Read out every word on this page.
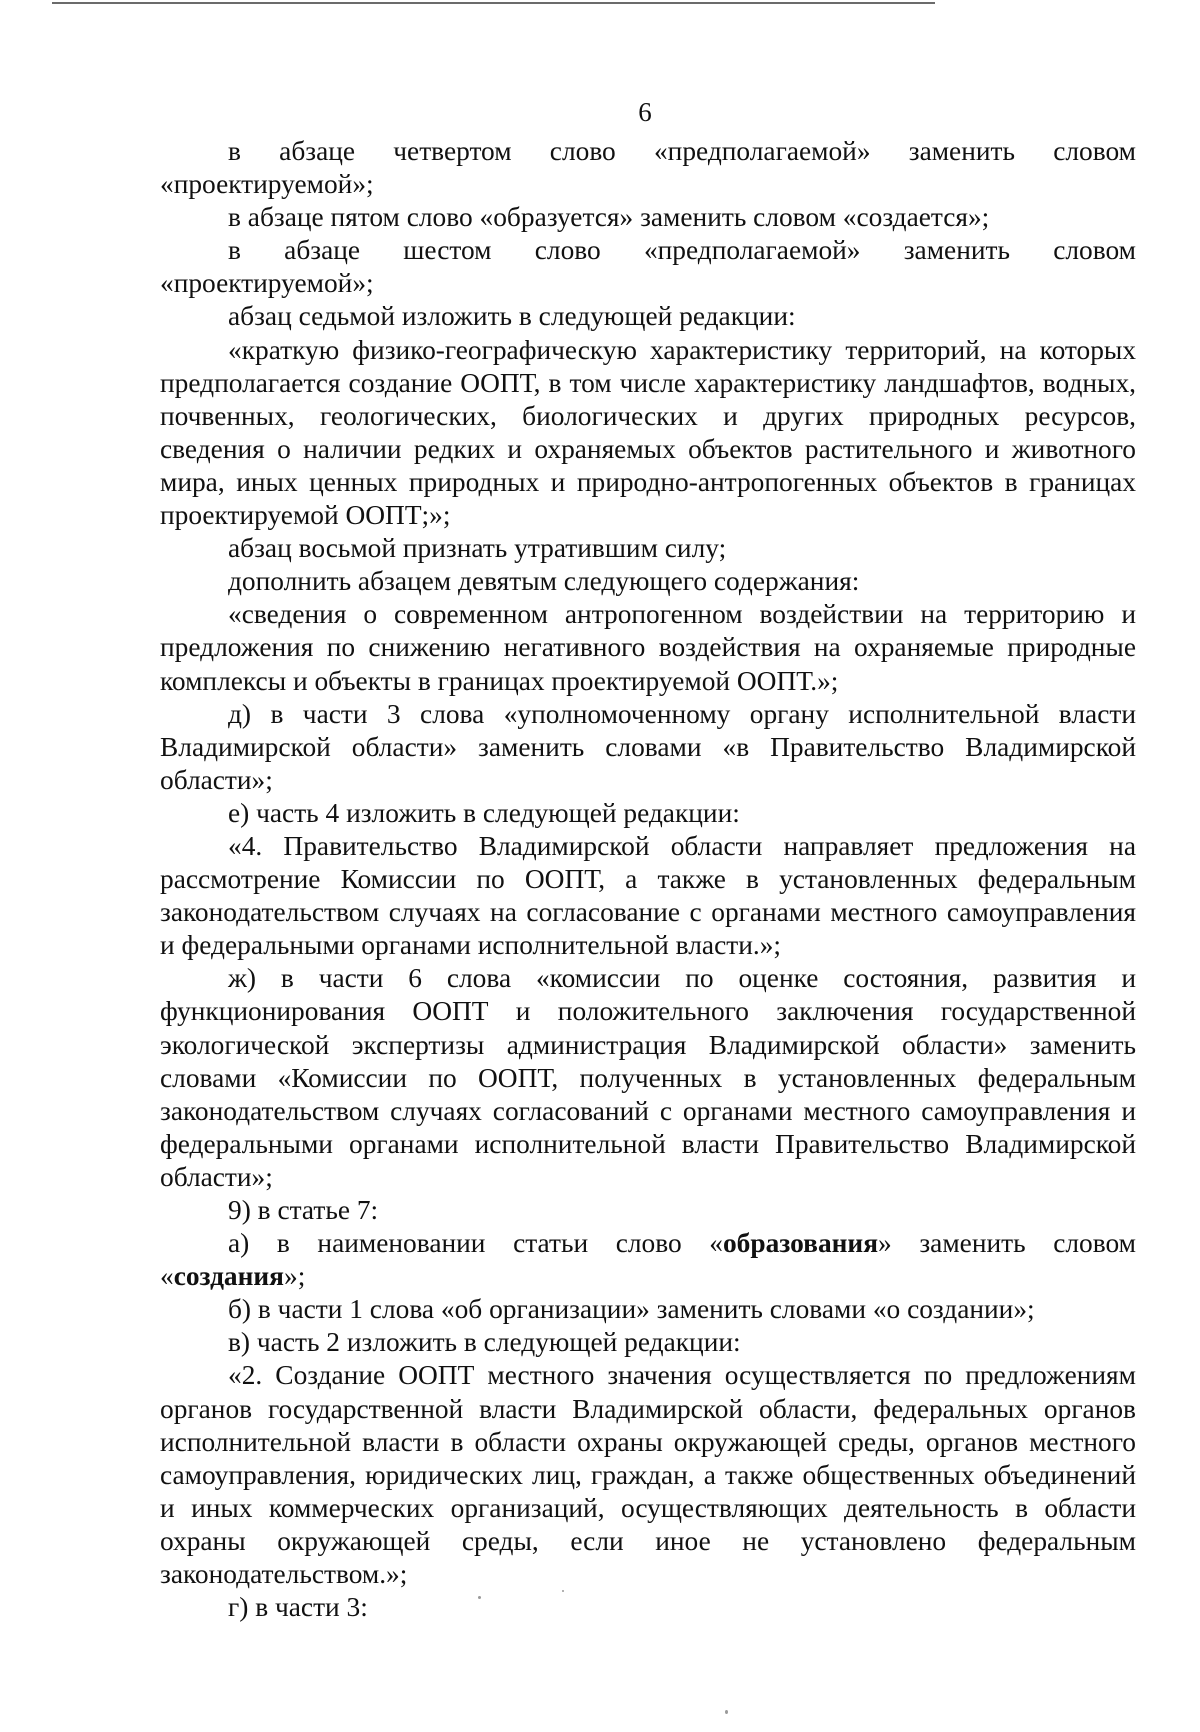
6

в абзаце четвертом слово «предполагаемой» заменить словом «проектируемой»;

в абзаце пятом слово «образуется» заменить словом «создается»;

в абзаце шестом слово «предполагаемой» заменить словом «проектируемой»;

абзац седьмой изложить в следующей редакции:

«краткую физико-географическую характеристику территорий, на которых предполагается создание ООПТ, в том числе характеристику ландшафтов, водных, почвенных, геологических, биологических и других природных ресурсов, сведения о наличии редких и охраняемых объектов растительного и животного мира, иных ценных природных и природно-антропогенных объектов в границах проектируемой ООПТ;»;

абзац восьмой признать утратившим силу;

дополнить абзацем девятым следующего содержания:

«сведения о современном антропогенном воздействии на территорию и предложения по снижению негативного воздействия на охраняемые природные комплексы и объекты в границах проектируемой ООПТ.»;

д) в части 3 слова «уполномоченному органу исполнительной власти Владимирской области» заменить словами «в Правительство Владимирской области»;

е) часть 4 изложить в следующей редакции:

«4. Правительство Владимирской области направляет предложения на рассмотрение Комиссии по ООПТ, а также в установленных федеральным законодательством случаях на согласование с органами местного самоуправления и федеральными органами исполнительной власти.»;

ж) в части 6 слова «комиссии по оценке состояния, развития и функционирования ООПТ и положительного заключения государственной экологической экспертизы администрация Владимирской области» заменить словами «Комиссии по ООПТ, полученных в установленных федеральным законодательством случаях согласований с органами местного самоуправления и федеральными органами исполнительной власти Правительство Владимирской области»;

9) в статье 7:

а) в наименовании статьи слово «образования» заменить словом «создания»;

б) в части 1 слова «об организации» заменить словами «о создании»;

в) часть 2 изложить в следующей редакции:

«2. Создание ООПТ местного значения осуществляется по предложениям органов государственной власти Владимирской области, федеральных органов исполнительной власти в области охраны окружающей среды, органов местного самоуправления, юридических лиц, граждан, а также общественных объединений и иных коммерческих организаций, осуществляющих деятельность в области охраны окружающей среды, если иное не установлено федеральным законодательством.»;

г) в части 3:
